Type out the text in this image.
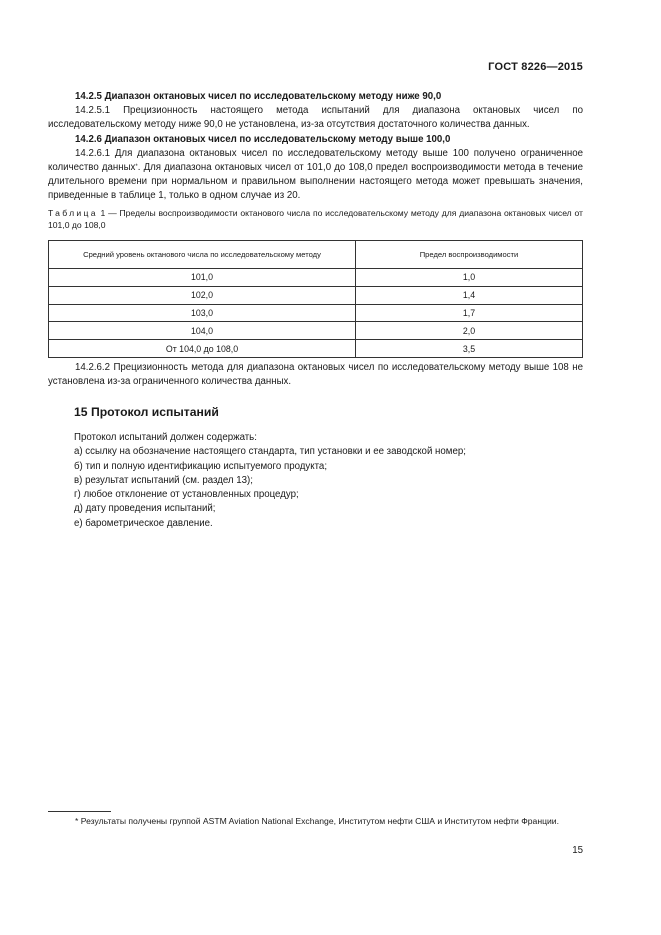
ГОСТ 8226—2015

14.2.5 Диапазон октановых чисел по исследовательскому методу ниже 90,0

14.2.5.1 Прецизионность настоящего метода испытаний для диапазона октановых чисел по исследовательскому методу ниже 90,0 не установлена, из-за отсутствия достаточного количества данных.

14.2.6 Диапазон октановых чисел по исследовательскому методу выше 100,0

14.2.6.1 Для диапазона октановых чисел по исследовательскому методу выше 100 получено ограниченное количество данных*. Для диапазона октановых чисел от 101,0 до 108,0 предел воспроизводимости метода в течение длительного времени при нормальном и правильном выполнении настоящего метода может превышать значения, приведенные в таблице 1, только в одном случае из 20.

Таблица 1 — Пределы воспроизводимости октанового числа по исследовательскому методу для диапазона октановых чисел от 101,0 до 108,0

Средний уровень октанового числа по исследовательскому методу	Предел воспроизводимости
101,0	1,0
102,0	1,4
103,0	1,7
104,0	2,0
От 104,0 до 108,0	3,5

14.2.6.2 Прецизионность метода для диапазона октановых чисел по исследовательскому методу выше 108 не установлена из-за ограниченного количества данных.

15 Протокол испытаний

Протокол испытаний должен содержать:

а) ссылку на обозначение настоящего стандарта, тип установки и ее заводской номер;

б) тип и полную идентификацию испытуемого продукта;

в) результат испытаний (см. раздел 13);

г) любое отклонение от установленных процедур;

д) дату проведения испытаний;

е) барометрическое давление.

* Результаты получены группой ASTM Aviation National Exchange, Институтом нефти США и Институтом нефти Франции.

15
